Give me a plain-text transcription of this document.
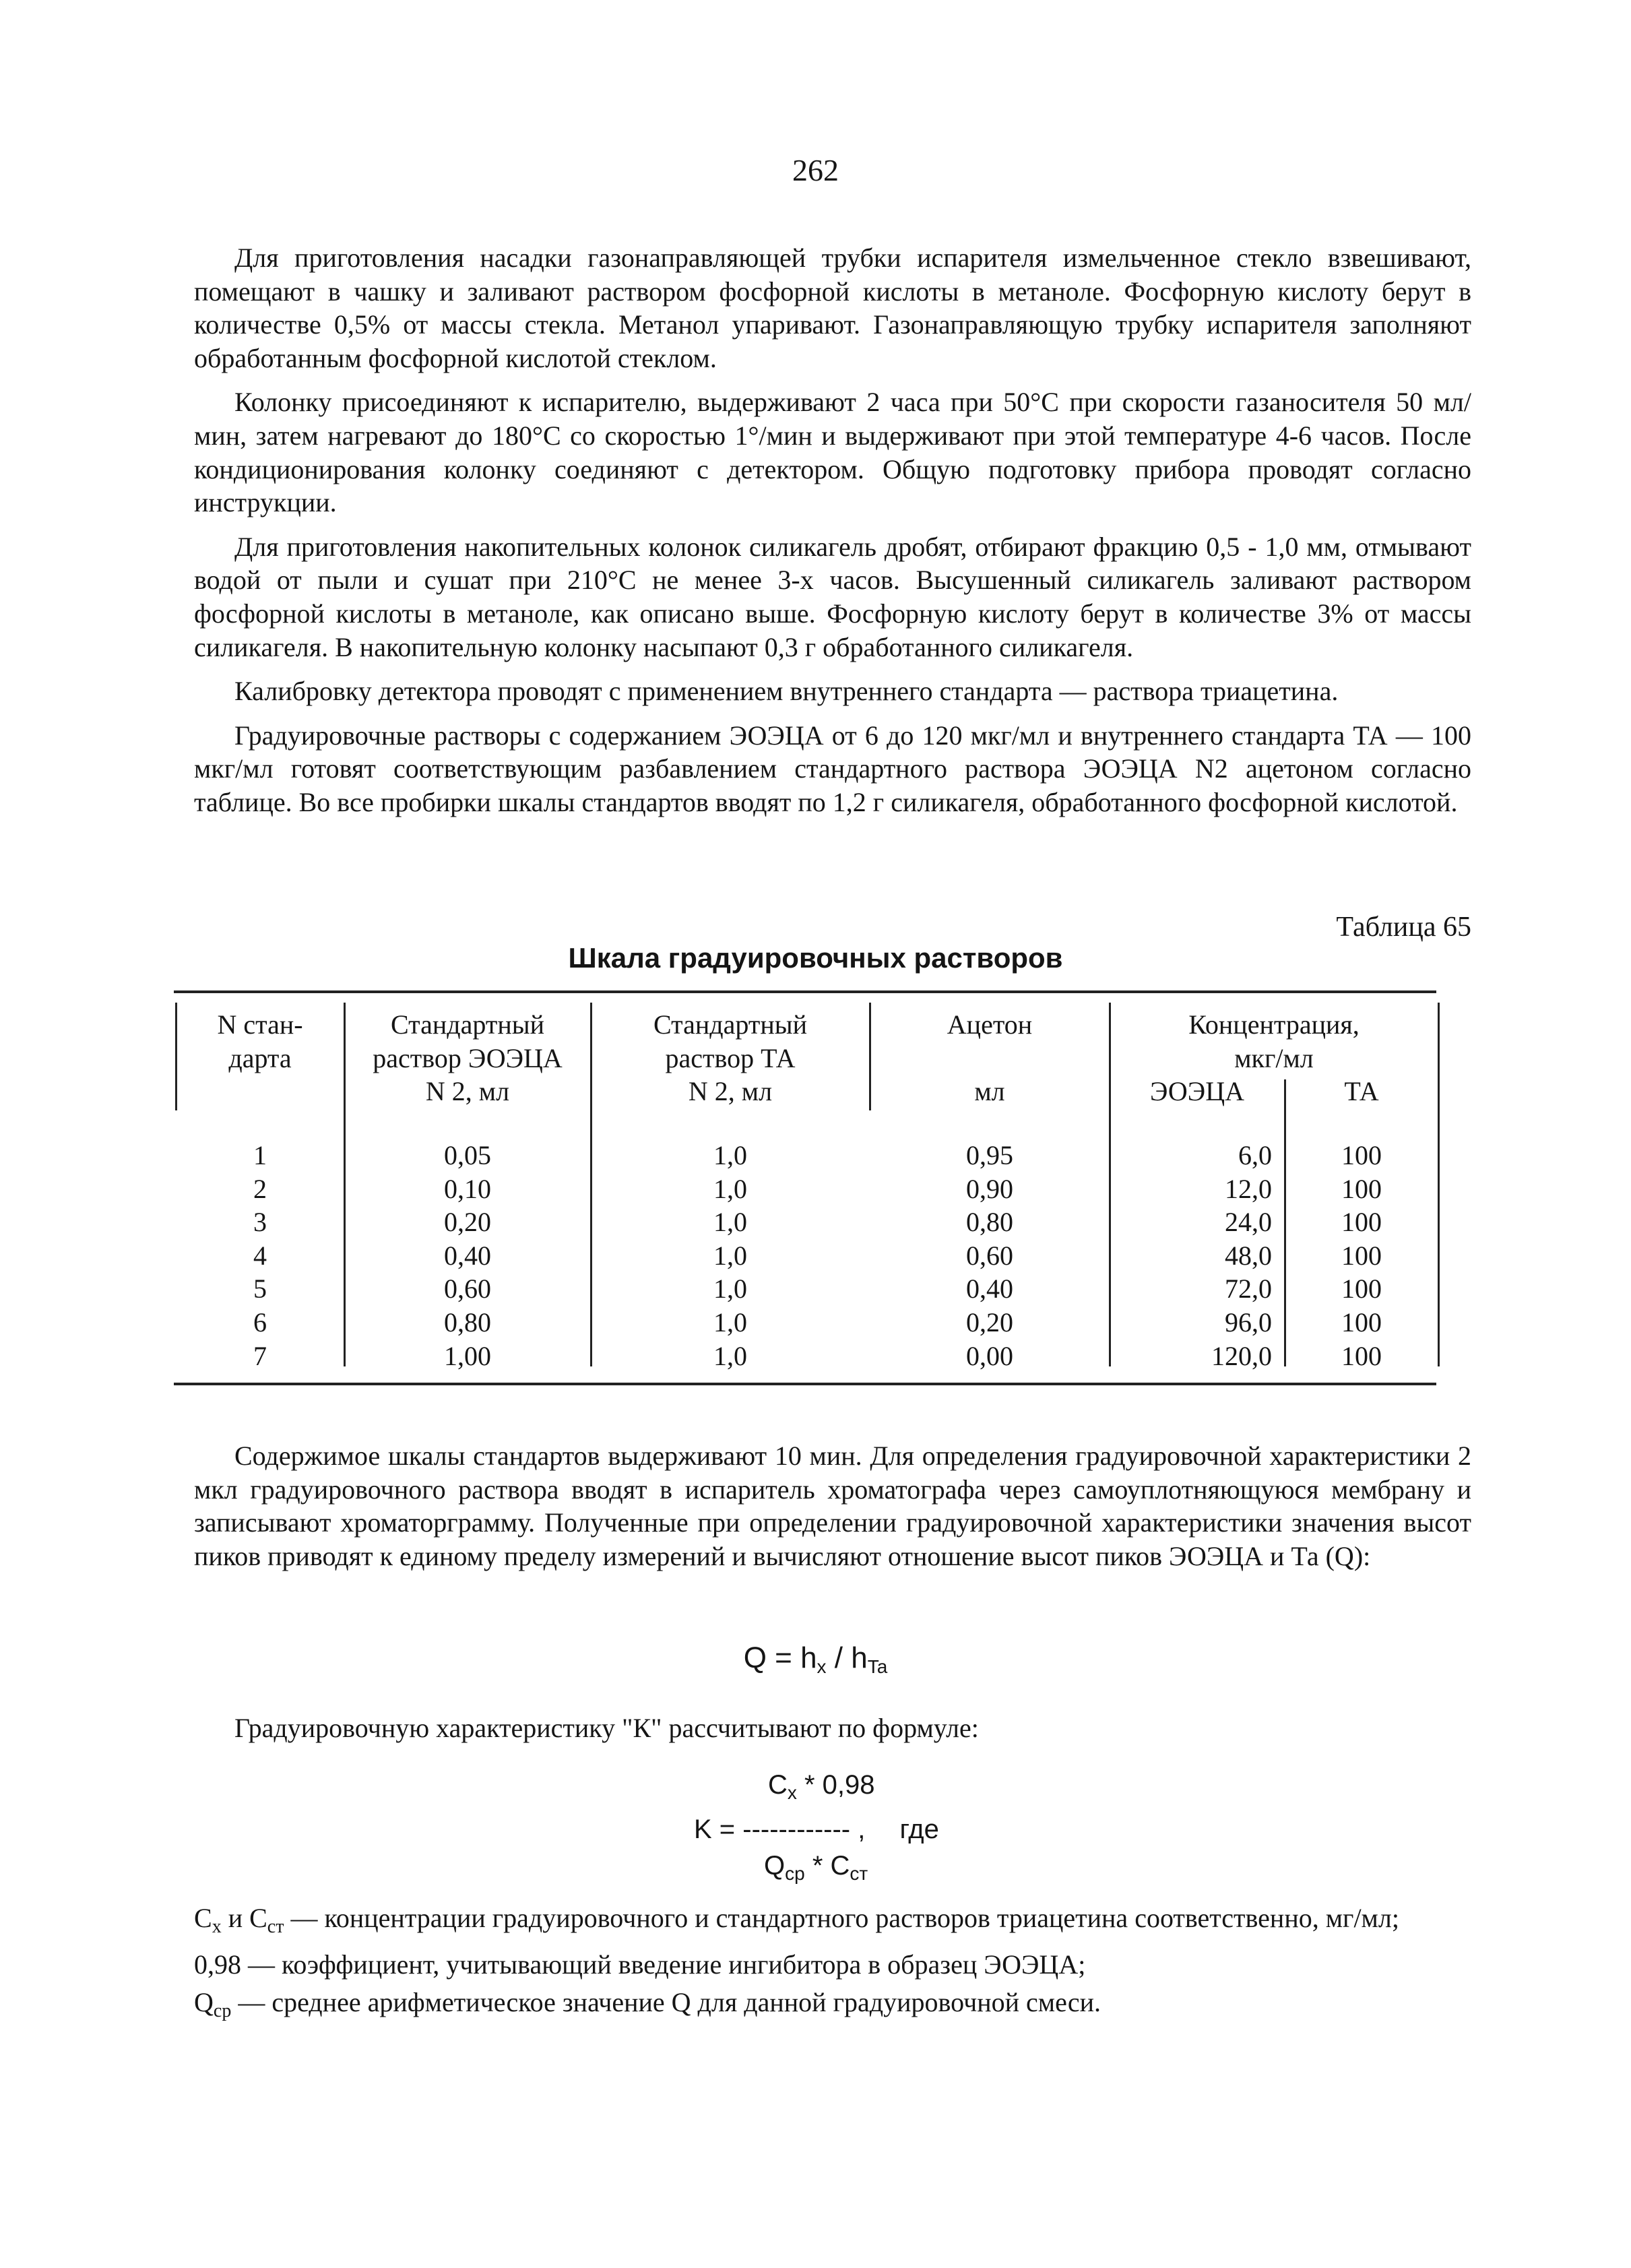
262

Для приготовления насадки газонаправляющей трубки испарителя измельченное стекло взвешивают, помещают в чашку и заливают раствором фосфорной кислоты в метаноле. Фосфорную кислоту берут в количестве 0,5% от массы стекла. Метанол упаривают. Газонаправляющую трубку испарителя заполняют обработанным фосфорной кислотой стеклом.

Колонку присоединяют к испарителю, выдерживают 2 часа при 50°C при скорости газаносителя 50 мл/мин, затем нагревают до 180°C со скоростью 1°/мин и выдерживают при этой температуре 4-6 часов. После кондиционирования колонку соединяют с детектором. Общую подготовку прибора проводят согласно инструкции.

Для приготовления накопительных колонок силикагель дробят, отбирают фракцию 0,5 - 1,0 мм, отмывают водой от пыли и сушат при 210°C не менее 3-х часов. Высушенный силикагель заливают раствором фосфорной кислоты в метаноле, как описано выше. Фосфорную кислоту берут в количестве 3% от массы силикагеля. В накопительную колонку насыпают 0,3 г обработанного силикагеля.

Калибровку детектора проводят с применением внутреннего стандарта — раствора триацетина.

Градуировочные растворы с содержанием ЭОЭЦА от 6 до 120 мкг/мл и внутреннего стандарта ТА — 100 мкг/мл готовят соответствующим разбавлением стандартного раствора ЭОЭЦА N2 ацетоном согласно таблице. Во все пробирки шкалы стандартов вводят по 1,2 г силикагеля, обработанного фосфорной кислотой.

Таблица 65
Шкала градуировочных растворов
N стан-
дарта
Стандартный
раствор ЭОЭЦА
N 2, мл
Стандартный
раствор ТА
N 2, мл
Ацетон
мл
Концентрация,
мкг/мл
ЭОЭЦА	ТА
1
2
3
4
5
6
7
0,05
0,10
0,20
0,40
0,60
0,80
1,00
1,0
1,0
1,0
1,0
1,0
1,0
1,0
0,95
0,90
0,80
0,60
0,40
0,20
0,00
6,0
12,0
24,0
48,0
72,0
96,0
120,0
100
100
100
100
100
100
100

Содержимое шкалы стандартов выдерживают 10 мин. Для определения градуировочной характеристики 2 мкл градуировочного раствора вводят в испаритель хроматографа через самоуплотняющуюся мембрану и записывают хроматорграмму. Полученные при определении градуировочной характеристики значения высот пиков приводят к единому пределу измерений и вычисляют отношение высот пиков ЭОЭЦА и Та (Q):

$Q = h_x / h_{Ta}$

Градуировочную характеристику "К" рассчитывают по формуле:

$C_x * 0,98$
K = ------------ , где
$Q_{cp} * C_{ст}$

$C_x$ и $C_{ст}$ — концентрации градуировочного и стандартного растворов триацетина соответственно, мг/мл;

0,98 — коэффициент, учитывающий введение ингибитора в образец ЭОЭЦА;

$Q_{cp}$ — среднее арифметическое значение Q для данной градуировочной смеси.
